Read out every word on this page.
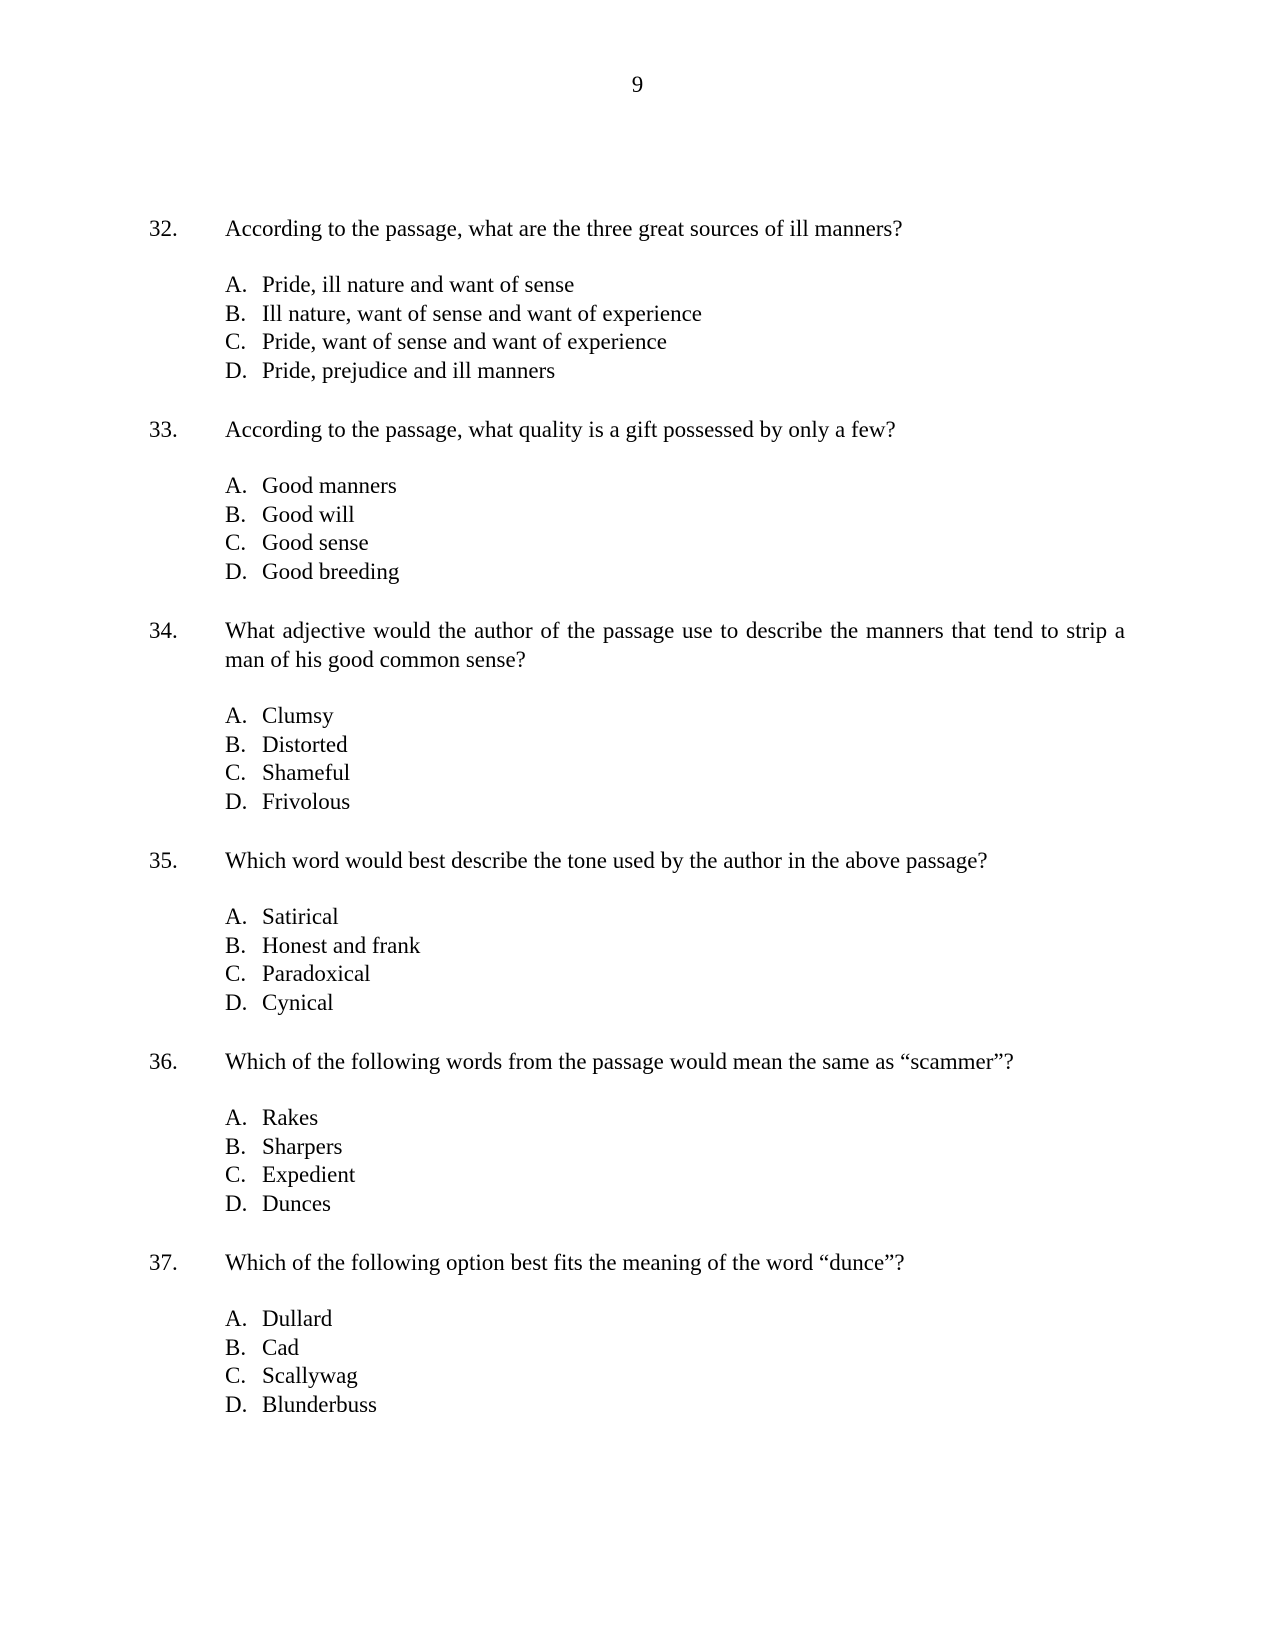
9
32. According to the passage, what are the three great sources of ill manners?
A. Pride, ill nature and want of sense
B. Ill nature, want of sense and want of experience
C. Pride, want of sense and want of experience
D. Pride, prejudice and ill manners
33. According to the passage, what quality is a gift possessed by only a few?
A. Good manners
B. Good will
C. Good sense
D. Good breeding
34. What adjective would the author of the passage use to describe the manners that tend to strip a man of his good common sense?
A. Clumsy
B. Distorted
C. Shameful
D. Frivolous
35. Which word would best describe the tone used by the author in the above passage?
A. Satirical
B. Honest and frank
C. Paradoxical
D. Cynical
36. Which of the following words from the passage would mean the same as “scammer”?
A. Rakes
B. Sharpers
C. Expedient
D. Dunces
37. Which of the following option best fits the meaning of the word “dunce”?
A. Dullard
B. Cad
C. Scallywag
D. Blunderbuss
